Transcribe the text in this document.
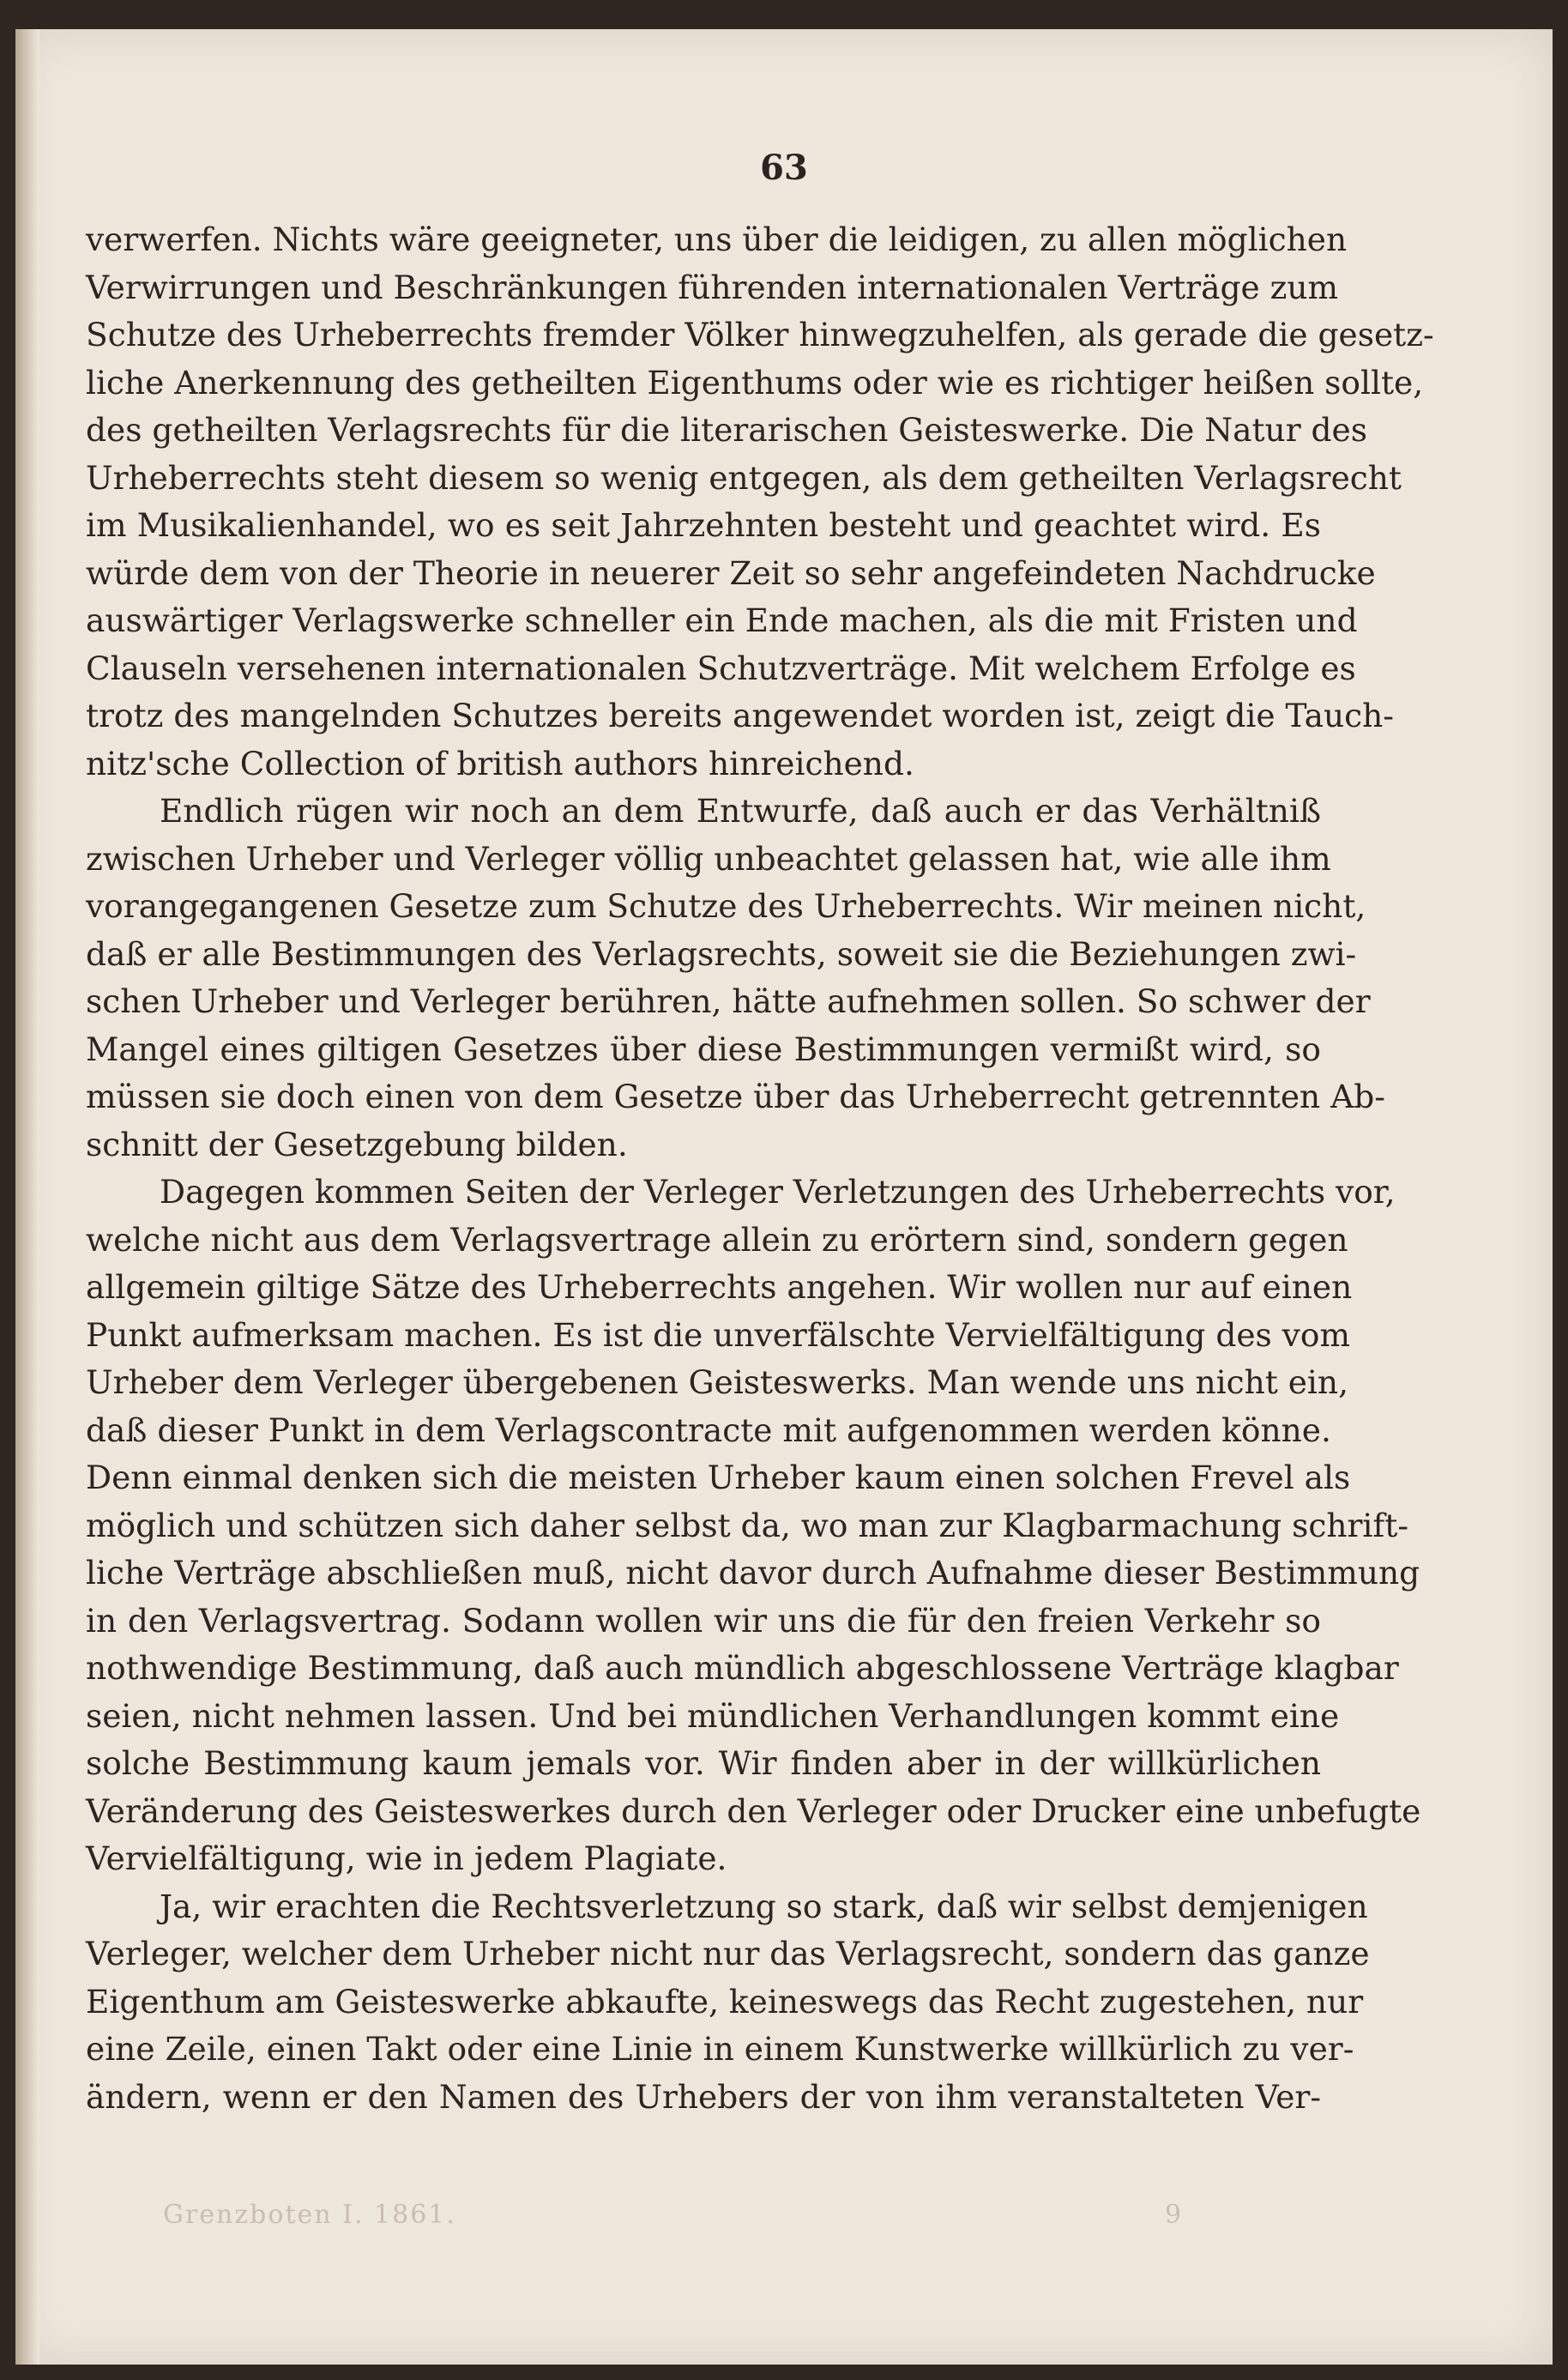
63
verwerfen. Nichts wäre geeigneter, uns über die leidigen, zu allen möglichen
Verwirrungen und Beschränkungen führenden internationalen Verträge zum
Schutze des Urheberrechts fremder Völker hinwegzuhelfen, als gerade die gesetz-
liche Anerkennung des getheilten Eigenthums oder wie es richtiger heißen sollte,
des getheilten Verlagsrechts für die literarischen Geisteswerke. Die Natur des
Urheberrechts steht diesem so wenig entgegen, als dem getheilten Verlagsrecht
im Musikalienhandel, wo es seit Jahrzehnten besteht und geachtet wird. Es
würde dem von der Theorie in neuerer Zeit so sehr angefeindeten Nachdrucke
auswärtiger Verlagswerke schneller ein Ende machen, als die mit Fristen und
Clauseln versehenen internationalen Schutzverträge. Mit welchem Erfolge es
trotz des mangelnden Schutzes bereits angewendet worden ist, zeigt die Tauch-
nitz'sche Collection of british authors hinreichend.
Endlich rügen wir noch an dem Entwurfe, daß auch er das Verhältniß
zwischen Urheber und Verleger völlig unbeachtet gelassen hat, wie alle ihm
vorangegangenen Gesetze zum Schutze des Urheberrechts. Wir meinen nicht,
daß er alle Bestimmungen des Verlagsrechts, soweit sie die Beziehungen zwi-
schen Urheber und Verleger berühren, hätte aufnehmen sollen. So schwer der
Mangel eines giltigen Gesetzes über diese Bestimmungen vermißt wird, so
müssen sie doch einen von dem Gesetze über das Urheberrecht getrennten Ab-
schnitt der Gesetzgebung bilden.
Dagegen kommen Seiten der Verleger Verletzungen des Urheberrechts vor,
welche nicht aus dem Verlagsvertrage allein zu erörtern sind, sondern gegen
allgemein giltige Sätze des Urheberrechts angehen. Wir wollen nur auf einen
Punkt aufmerksam machen. Es ist die unverfälschte Vervielfältigung des vom
Urheber dem Verleger übergebenen Geisteswerks. Man wende uns nicht ein,
daß dieser Punkt in dem Verlagscontracte mit aufgenommen werden könne.
Denn einmal denken sich die meisten Urheber kaum einen solchen Frevel als
möglich und schützen sich daher selbst da, wo man zur Klagbarmachung schrift-
liche Verträge abschließen muß, nicht davor durch Aufnahme dieser Bestimmung
in den Verlagsvertrag. Sodann wollen wir uns die für den freien Verkehr so
nothwendige Bestimmung, daß auch mündlich abgeschlossene Verträge klagbar
seien, nicht nehmen lassen. Und bei mündlichen Verhandlungen kommt eine
solche Bestimmung kaum jemals vor. Wir finden aber in der willkürlichen
Veränderung des Geisteswerkes durch den Verleger oder Drucker eine unbefugte
Vervielfältigung, wie in jedem Plagiate.
Ja, wir erachten die Rechtsverletzung so stark, daß wir selbst demjenigen
Verleger, welcher dem Urheber nicht nur das Verlagsrecht, sondern das ganze
Eigenthum am Geisteswerke abkaufte, keineswegs das Recht zugestehen, nur
eine Zeile, einen Takt oder eine Linie in einem Kunstwerke willkürlich zu ver-
ändern, wenn er den Namen des Urhebers der von ihm veranstalteten Ver-
Grenzboten I. 1861.	9
